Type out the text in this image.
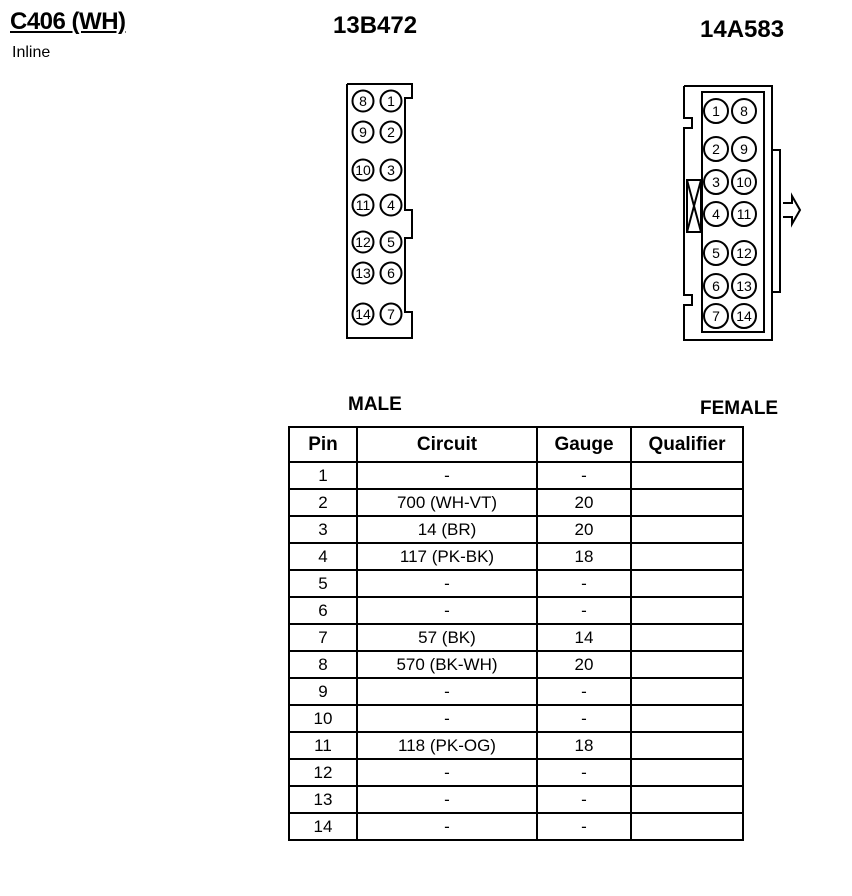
C406 (WH)
Inline
13B472	14A583
8 1
9 2
10 3
11 4
12 5
13 6
14 7
1 8
2 9
3 10
4 11
5 12
6 13
7 14
MALE	FEMALE
Pin	Circuit	Gauge	Qualifier
1	-	-	
2	700 (WH-VT)	20	
3	14 (BR)	20	
4	117 (PK-BK)	18	
5	-	-	
6	-	-	
7	57 (BK)	14	
8	570 (BK-WH)	20	
9	-	-	
10	-	-	
11	118 (PK-OG)	18	
12	-	-	
13	-	-	
14	-	-	
